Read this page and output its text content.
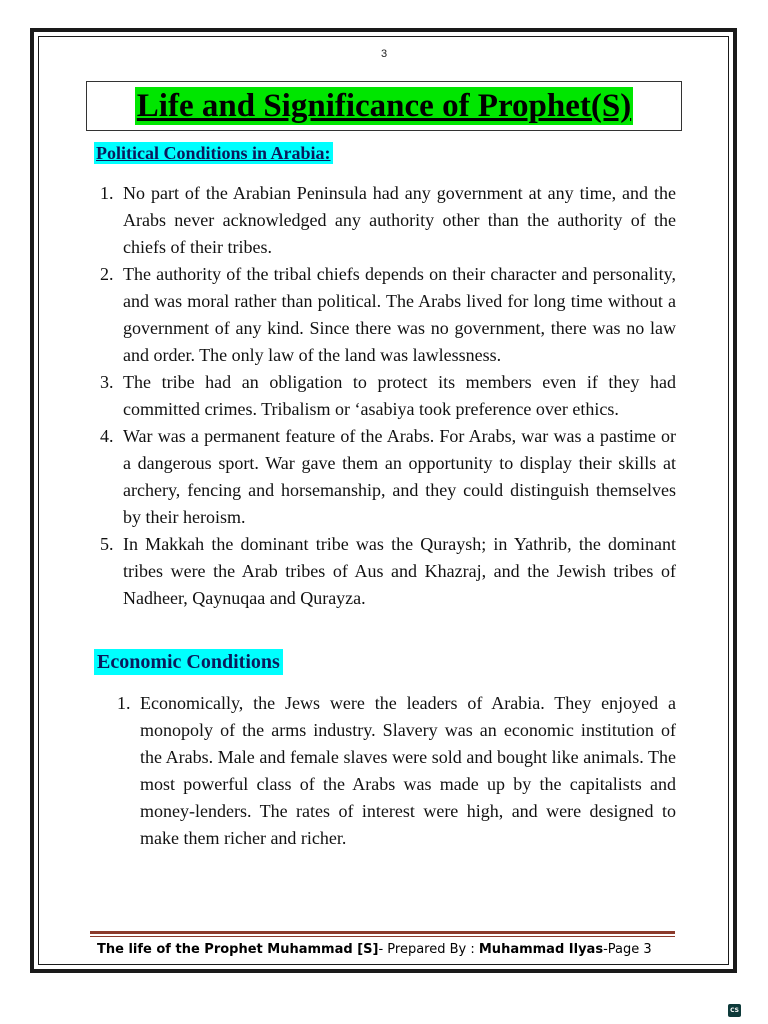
3
Life and Significance of Prophet(S)
Political Conditions in Arabia:
1. No part of the Arabian Peninsula had any government at any time, and the Arabs never acknowledged any authority other than the authority of the chiefs of their tribes.
2. The authority of the tribal chiefs depends on their character and personality, and was moral rather than political. The Arabs lived for long time without a government of any kind. Since there was no government, there was no law and order. The only law of the land was lawlessness.
3. The tribe had an obligation to protect its members even if they had committed crimes. Tribalism or ‘asabiya took preference over ethics.
4. War was a permanent feature of the Arabs. For Arabs, war was a pastime or a dangerous sport. War gave them an opportunity to display their skills at archery, fencing and horsemanship, and they could distinguish themselves by their heroism.
5. In Makkah the dominant tribe was the Quraysh; in Yathrib, the dominant tribes were the Arab tribes of Aus and Khazraj, and the Jewish tribes of Nadheer, Qaynuqaa and Qurayza.
Economic Conditions
1. Economically, the Jews were the leaders of Arabia. They enjoyed a monopoly of the arms industry. Slavery was an economic institution of the Arabs. Male and female slaves were sold and bought like animals. The most powerful class of the Arabs was made up by the capitalists and money-lenders. The rates of interest were high, and were designed to make them richer and richer.
The life of the Prophet Muhammad [S]- Prepared By : Muhammad Ilyas-Page 3
CS
